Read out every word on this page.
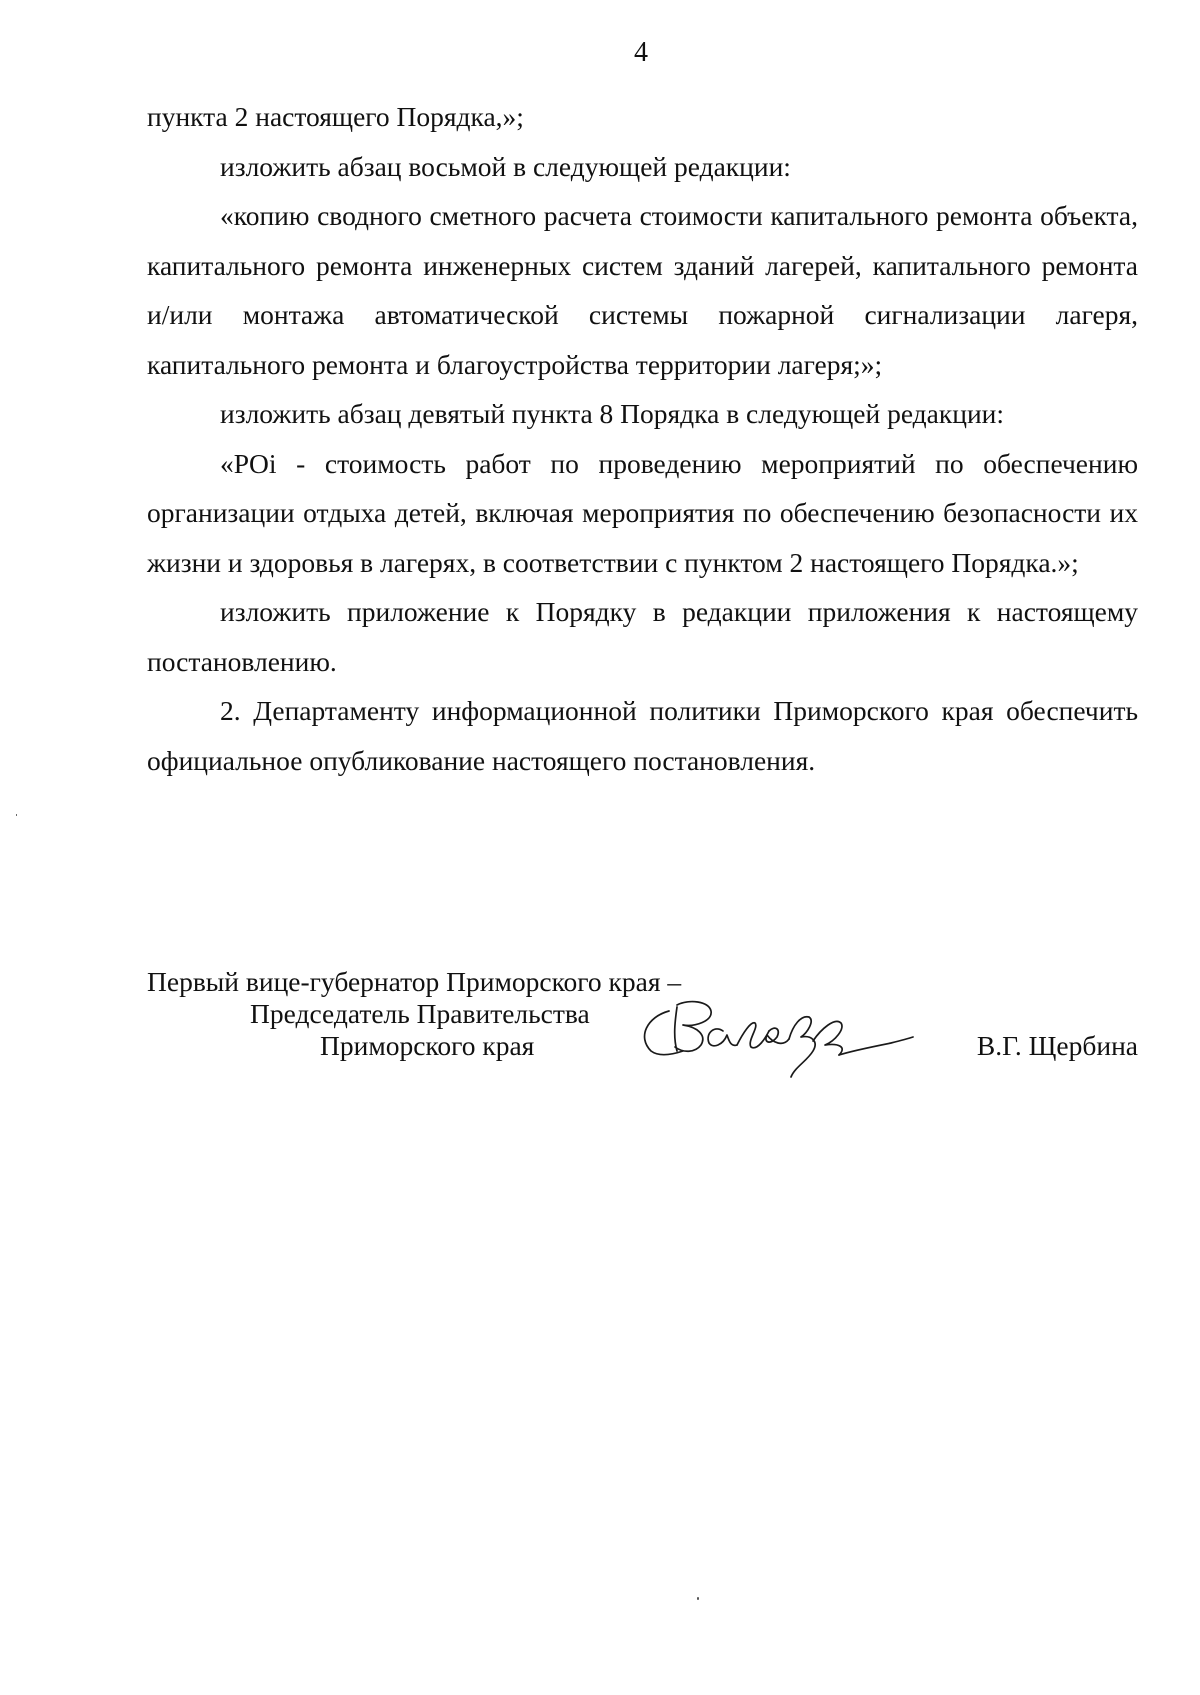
4

пункта 2 настоящего Порядка,»;

изложить абзац восьмой в следующей редакции:

«копию сводного сметного расчета стоимости капитального ремонта объекта, капитального ремонта инженерных систем зданий лагерей, капитального ремонта и/или монтажа автоматической системы пожарной сигнализации лагеря, капитального ремонта и благоустройства территории лагеря;»;

изложить абзац девятый пункта 8 Порядка в следующей редакции:

«POi - стоимость работ по проведению мероприятий по обеспечению организации отдыха детей, включая мероприятия по обеспечению безопасности их жизни и здоровья в лагерях, в соответствии с пунктом 2 настоящего Порядка.»;

изложить приложение к Порядку в редакции приложения к настоящему постановлению.

2. Департаменту информационной политики Приморского края обеспечить официальное опубликование настоящего постановления.

Первый вице-губернатор Приморского края –
Председатель Правительства
Приморского края	В.Г. Щербина
